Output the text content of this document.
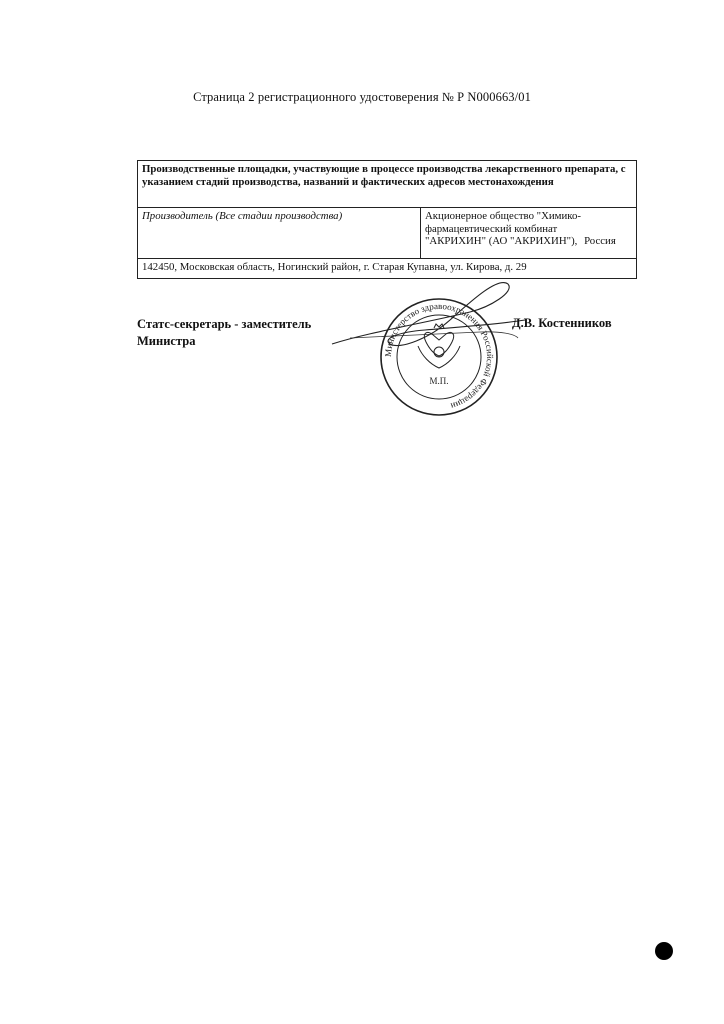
Страница 2 регистрационного удостоверения № Р N000663/01
Производственные площадки, участвующие в процессе производства лекарственного препарата, с указанием стадий производства, названий и фактических адресов местонахождения
Производитель (Все стадии производства)	Акционерное общество "Химико-фармацевтический комбинат
"АКРИХИН" (АО "АКРИХИН"), Россия
142450, Московская область, Ногинский район, г. Старая Купавна, ул. Кирова, д. 29
Статс-секретарь - заместитель
Министра
Министерство здравоохранения Российской Федерации
М.П.
Д.В. Костенников
